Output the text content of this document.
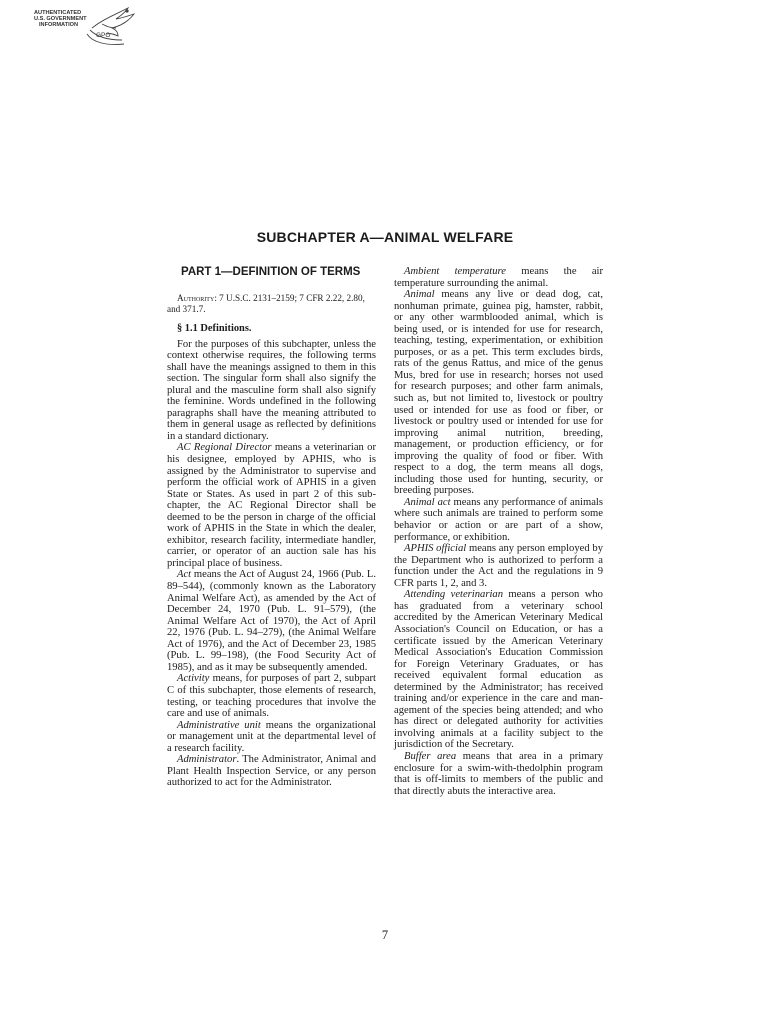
AUTHENTICATED
U.S. GOVERNMENT
INFORMATION
GPO
SUBCHAPTER A—ANIMAL WELFARE
PART 1—DEFINITION OF TERMS

Authority: 7 U.S.C. 2131–2159; 7 CFR 2.22, 2.80, and 371.7.

§ 1.1 Definitions.

For the purposes of this subchapter, unless the context otherwise requires, the following terms shall have the meanings assigned to them in this section. The singular form shall also signify the plural and the masculine form shall also signify the feminine. Words undefined in the following paragraphs shall have the meaning attributed to them in general usage as reflected by definitions in a standard dictionary.

AC Regional Director means a veterinarian or his designee, employed by APHIS, who is assigned by the Administrator to supervise and perform the official work of APHIS in a given State or States. As used in part 2 of this subchapter, the AC Regional Director shall be deemed to be the person in charge of the official work of APHIS in the State in which the dealer, exhibitor, research facility, intermediate handler, carrier, or operator of an auction sale has his principal place of business.

Act means the Act of August 24, 1966 (Pub. L. 89–544), (commonly known as the Laboratory Animal Welfare Act), as amended by the Act of December 24, 1970 (Pub. L. 91–579), (the Animal Welfare Act of 1970), the Act of April 22, 1976 (Pub. L. 94–279), (the Animal Welfare Act of 1976), and the Act of December 23, 1985 (Pub. L. 99–198), (the Food Security Act of 1985), and as it may be subsequently amended.

Activity means, for purposes of part 2, subpart C of this subchapter, those elements of research, testing, or teaching procedures that involve the care and use of animals.

Administrative unit means the organizational or management unit at the departmental level of a research facility.

Administrator. The Administrator, Animal and Plant Health Inspection Service, or any person authorized to act for the Administrator.

Ambient temperature means the air temperature surrounding the animal.

Animal means any live or dead dog, cat, nonhuman primate, guinea pig, hamster, rabbit, or any other warmblooded animal, which is being used, or is intended for use for research, teaching, testing, experimentation, or exhibition purposes, or as a pet. This term excludes birds, rats of the genus Rattus, and mice of the genus Mus, bred for use in research; horses not used for research purposes; and other farm animals, such as, but not limited to, livestock or poultry used or intended for use as food or fiber, or livestock or poultry used or intended for use for improving animal nutrition, breeding, management, or production efficiency, or for improving the quality of food or fiber. With respect to a dog, the term means all dogs, including those used for hunting, security, or breeding purposes.

Animal act means any performance of animals where such animals are trained to perform some behavior or action or are part of a show, performance, or exhibition.

APHIS official means any person employed by the Department who is authorized to perform a function under the Act and the regulations in 9 CFR parts 1, 2, and 3.

Attending veterinarian means a person who has graduated from a veterinary school accredited by the American Veterinary Medical Association's Council on Education, or has a certificate issued by the American Veterinary Medical Association's Education Commission for Foreign Veterinary Graduates, or has received equivalent formal education as determined by the Administrator; has received training and/or experience in the care and management of the species being attended; and who has direct or delegated authority for activities involving animals at a facility subject to the jurisdiction of the Secretary.

Buffer area means that area in a primary enclosure for a swim-with-thedolphin program that is off-limits to members of the public and that directly abuts the interactive area.

7
